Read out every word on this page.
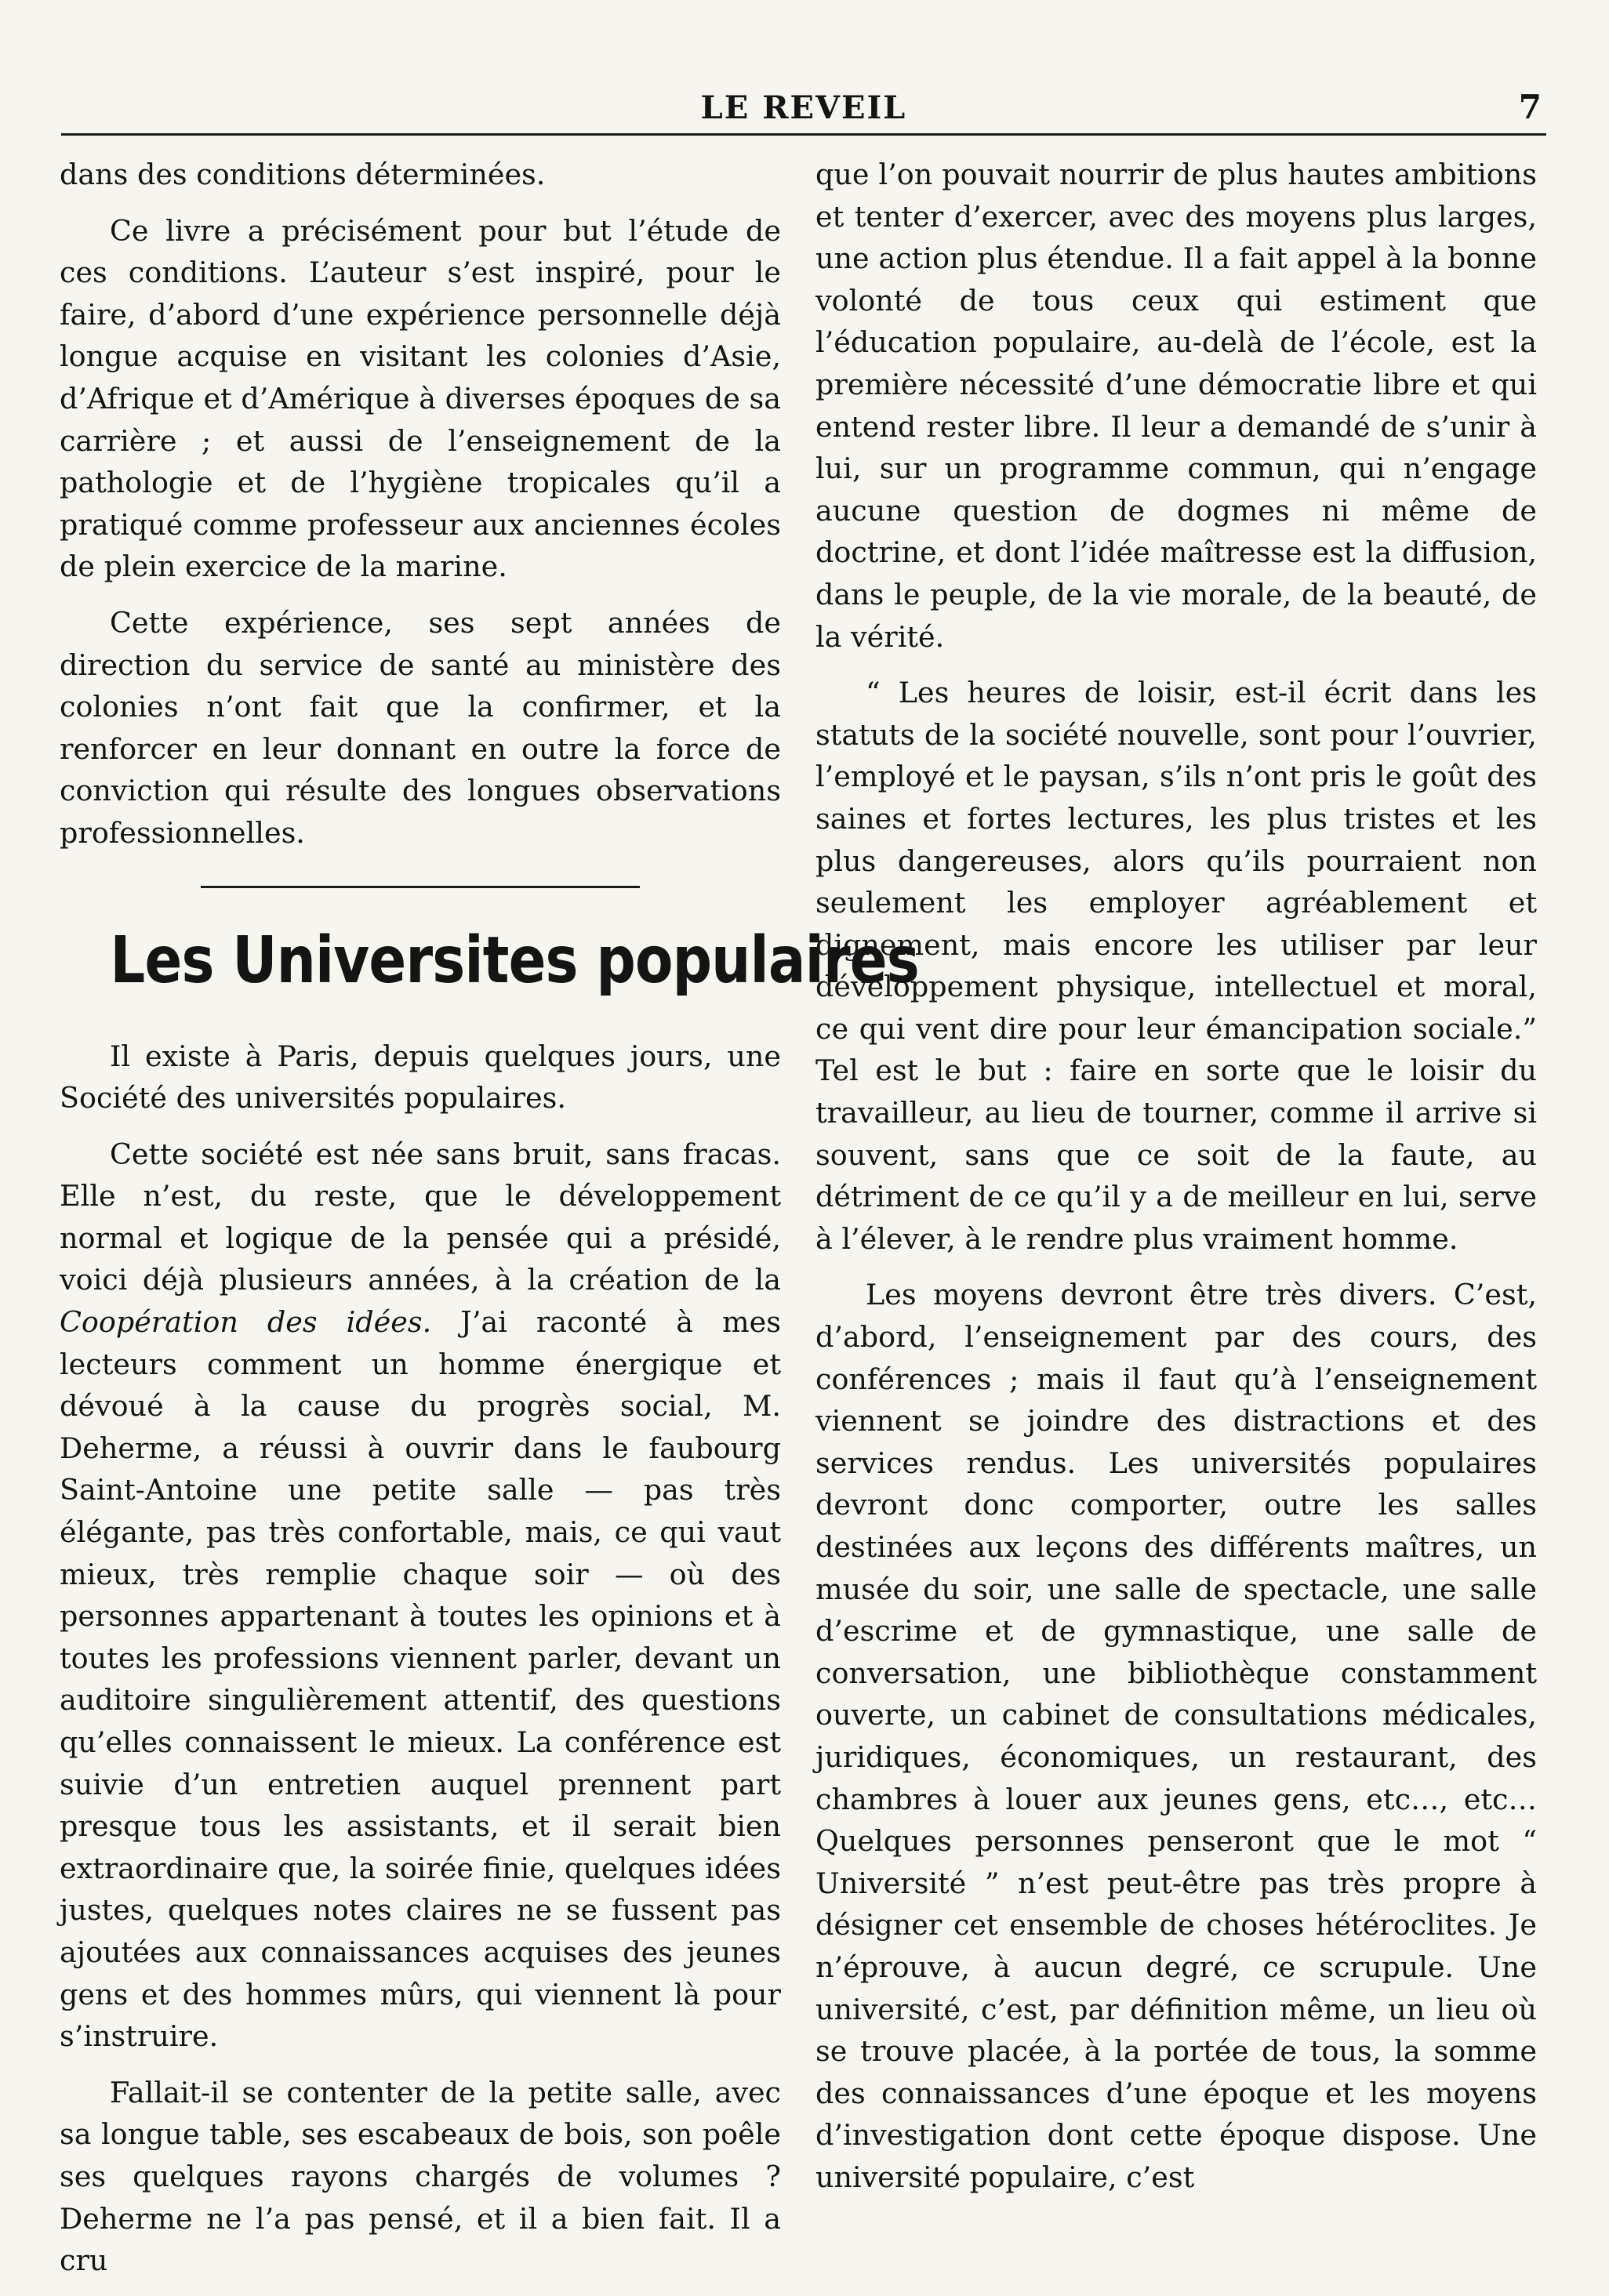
LE REVEIL	7

dans des conditions déterminées.

Ce livre a précisément pour but l’étude de ces conditions. L’auteur s’est inspiré, pour le faire, d’abord d’une expérience personnelle déjà longue acquise en visitant les colonies d’Asie, d’Afrique et d’Amérique à diverses époques de sa carrière ; et aussi de l’enseignement de la pathologie et de l’hygiène tropicales qu’il a pratiqué comme professeur aux anciennes écoles de plein exercice de la marine.

Cette expérience, ses sept années de direction du service de santé au ministère des colonies n’ont fait que la confirmer, et la renforcer en leur donnant en outre la force de conviction qui résulte des longues observations professionnelles.

Les Universites populaires

Il existe à Paris, depuis quelques jours, une Société des universités populaires.

Cette société est née sans bruit, sans fracas. Elle n’est, du reste, que le développement normal et logique de la pensée qui a présidé, voici déjà plusieurs années, à la création de la Coopération des idées. J’ai raconté à mes lecteurs comment un homme énergique et dévoué à la cause du progrès social, M. Deherme, a réussi à ouvrir dans le faubourg Saint-Antoine une petite salle — pas très élégante, pas très confortable, mais, ce qui vaut mieux, très remplie chaque soir — où des personnes appartenant à toutes les opinions et à toutes les professions viennent parler, devant un auditoire singulièrement attentif, des questions qu’elles connaissent le mieux. La conférence est suivie d’un entretien auquel prennent part presque tous les assistants, et il serait bien extraordinaire que, la soirée finie, quelques idées justes, quelques notes claires ne se fussent pas ajoutées aux connaissances acquises des jeunes gens et des hommes mûrs, qui viennent là pour s’instruire.

Fallait-il se contenter de la petite salle, avec sa longue table, ses escabeaux de bois, son poêle ses quelques rayons chargés de volumes ? Deherme ne l’a pas pensé, et il a bien fait. Il a cru

que l’on pouvait nourrir de plus hautes ambitions et tenter d’exercer, avec des moyens plus larges, une action plus étendue. Il a fait appel à la bonne volonté de tous ceux qui estiment que l’éducation populaire, au-delà de l’école, est la première nécessité d’une démocratie libre et qui entend rester libre. Il leur a demandé de s’unir à lui, sur un programme commun, qui n’engage aucune question de dogmes ni même de doctrine, et dont l’idée maîtresse est la diffusion, dans le peuple, de la vie morale, de la beauté, de la vérité.

“ Les heures de loisir, est-il écrit dans les statuts de la société nouvelle, sont pour l’ouvrier, l’employé et le paysan, s’ils n’ont pris le goût des saines et fortes lectures, les plus tristes et les plus dangereuses, alors qu’ils pourraient non seulement les employer agréablement et dignement, mais encore les utiliser par leur développement physique, intellectuel et moral, ce qui vent dire pour leur émancipation sociale.” Tel est le but : faire en sorte que le loisir du travailleur, au lieu de tourner, comme il arrive si souvent, sans que ce soit de la faute, au détriment de ce qu’il y a de meilleur en lui, serve à l’élever, à le rendre plus vraiment homme.

Les moyens devront être très divers. C’est, d’abord, l’enseignement par des cours, des conférences ; mais il faut qu’à l’enseignement viennent se joindre des distractions et des services rendus. Les universités populaires devront donc comporter, outre les salles destinées aux leçons des différents maîtres, un musée du soir, une salle de spectacle, une salle d’escrime et de gymnastique, une salle de conversation, une bibliothèque constamment ouverte, un cabinet de consultations médicales, juridiques, économiques, un restaurant, des chambres à louer aux jeunes gens, etc…, etc… Quelques personnes penseront que le mot “ Université ” n’est peut-être pas très propre à désigner cet ensemble de choses hétéroclites. Je n’éprouve, à aucun degré, ce scrupule. Une université, c’est, par définition même, un lieu où se trouve placée, à la portée de tous, la somme des connaissances d’une époque et les moyens d’investigation dont cette époque dispose. Une université populaire, c’est
